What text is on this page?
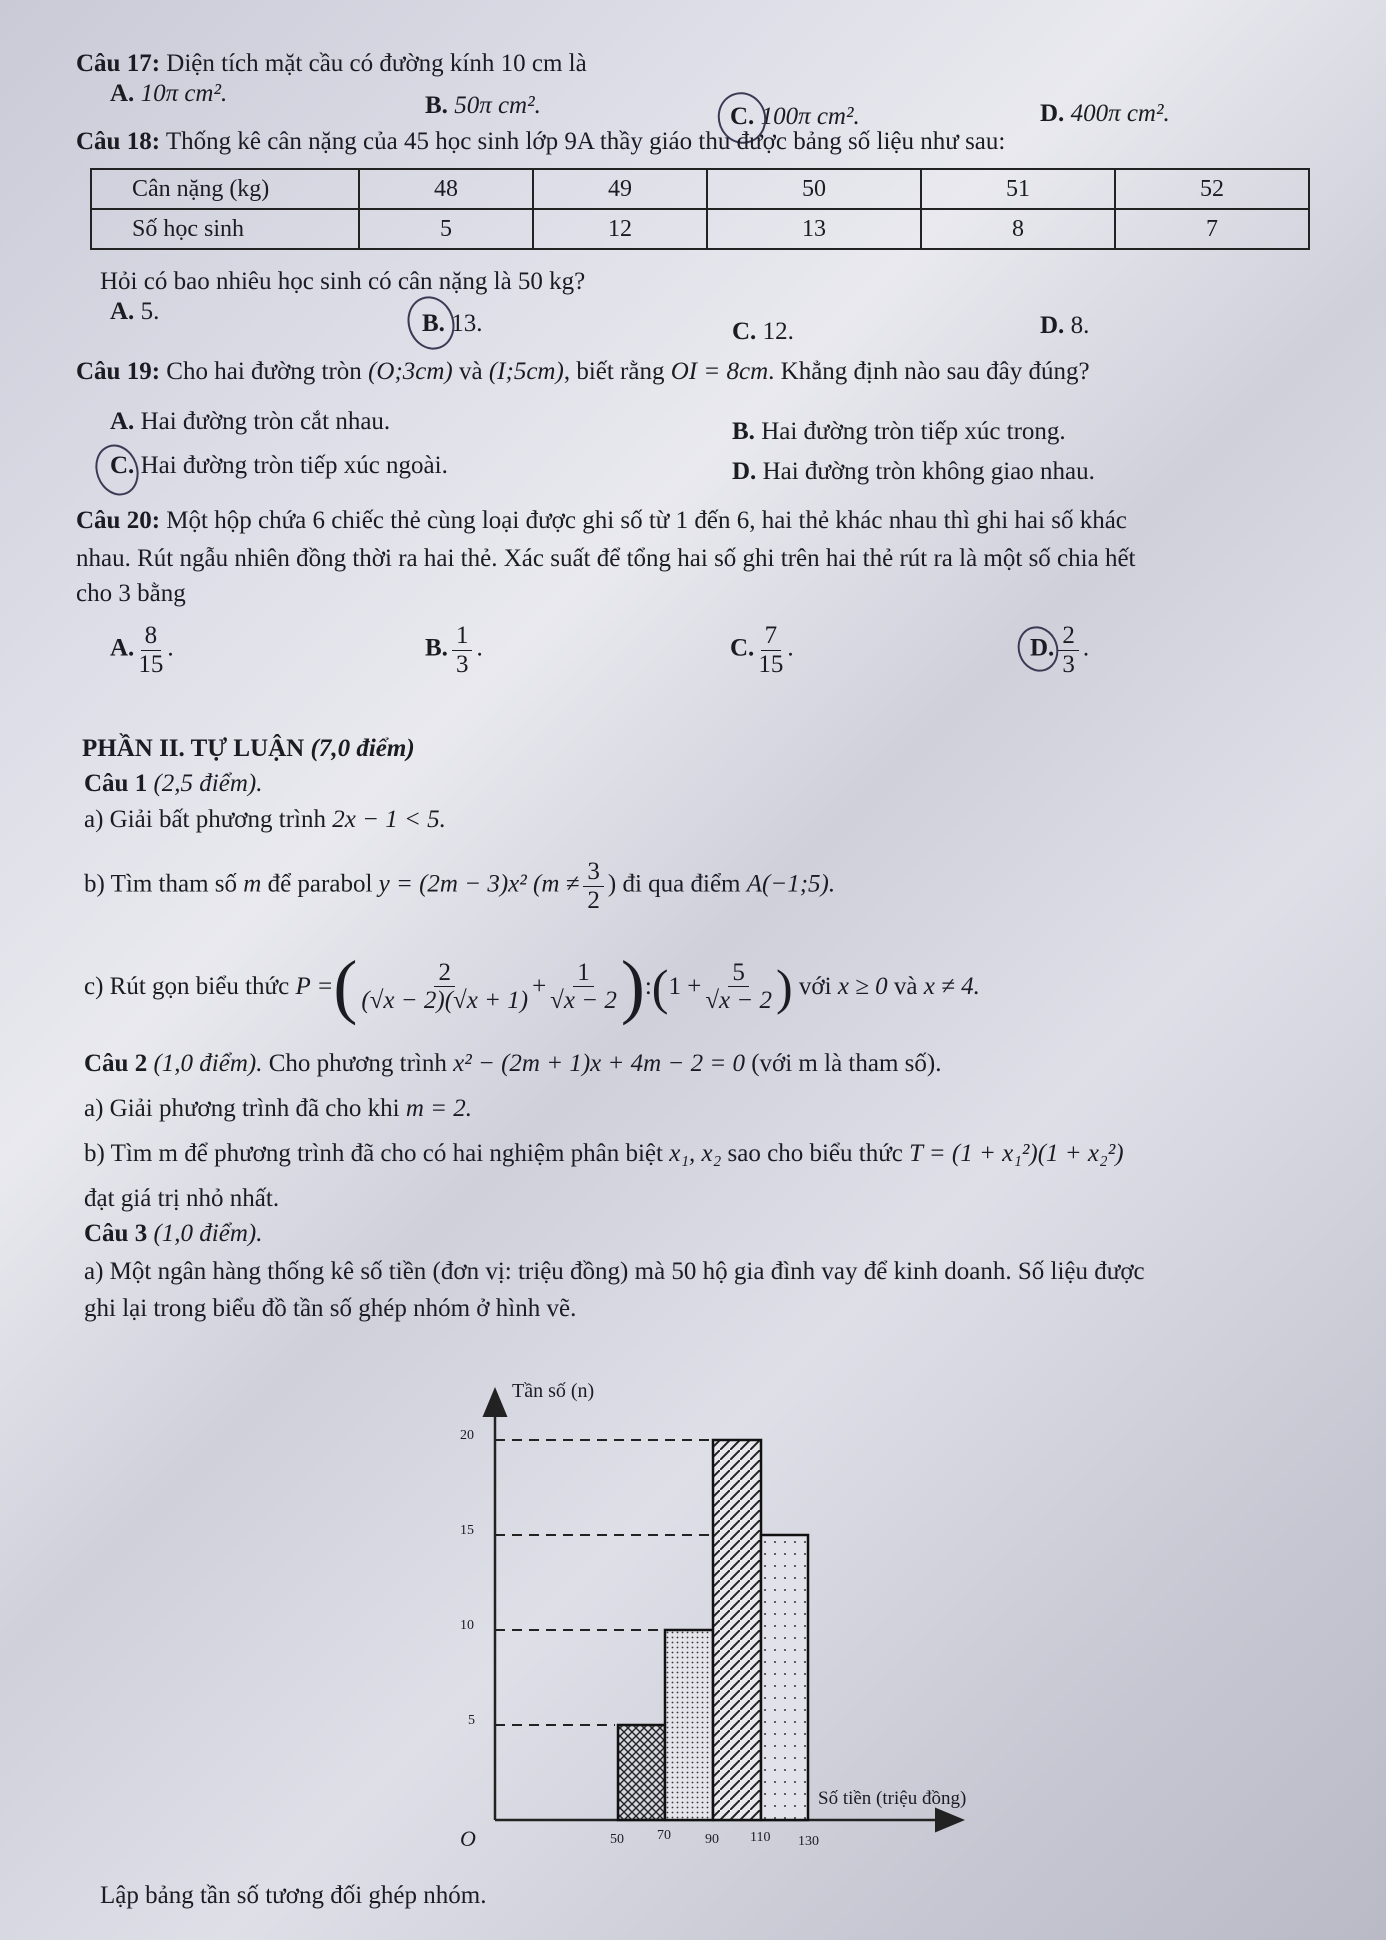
Câu 17: Diện tích mặt cầu có đường kính 10 cm là
A. 10π cm².	B. 50π cm².	C. 100π cm².	D. 400π cm².
Câu 18: Thống kê cân nặng của 45 học sinh lớp 9A thầy giáo thu được bảng số liệu như sau:
Cân nặng (kg)	48	49	50	51	52
Số học sinh	5	12	13	8	7
Hỏi có bao nhiêu học sinh có cân nặng là 50 kg?
A. 5.	B. 13.	C. 12.	D. 8.
Câu 19: Cho hai đường tròn (O;3cm) và (I;5cm), biết rằng OI = 8cm. Khẳng định nào sau đây đúng?
A. Hai đường tròn cắt nhau.	B. Hai đường tròn tiếp xúc trong.
C. Hai đường tròn tiếp xúc ngoài.	D. Hai đường tròn không giao nhau.
Câu 20: Một hộp chứa 6 chiếc thẻ cùng loại được ghi số từ 1 đến 6, hai thẻ khác nhau thì ghi hai số khác
nhau. Rút ngẫu nhiên đồng thời ra hai thẻ. Xác suất để tổng hai số ghi trên hai thẻ rút ra là một số chia hết
cho 3 bằng
A. $\frac{8}{15}$ .	B. $\frac{1}{3}$ .	C. $\frac{7}{15}$ .	D. $\frac{2}{3}$ .
PHẦN II. TỰ LUẬN (7,0 điểm)
Câu 1 (2,5 điểm).
a) Giải bất phương trình 2x − 1 < 5.
b) Tìm tham số m để parabol y = (2m − 3)x² ($m \ne \frac{3}{2}$ ) đi qua điểm A(−1;5).
c) Rút gọn biểu thức
P = ( $\frac{2}{(√x - 2)(√x + 1)} + \frac{1}{√x - 2}$ ) : ( $1 + \frac{5}{√x - 2}$ )
với
x ≥ 0
và
x ≠ 4.
Câu 2 (1,0 điểm). Cho phương trình x² − (2m + 1)x + 4m − 2 = 0 (với m là tham số).
a) Giải phương trình đã cho khi m = 2.
b) Tìm m để phương trình đã cho có hai nghiệm phân biệt x₁, x₂ sao cho biểu thức T = (1 + x₁²)(1 + x₂²)
đạt giá trị nhỏ nhất.
Câu 3 (1,0 điểm).
a) Một ngân hàng thống kê số tiền (đơn vị: triệu đồng) mà 50 hộ gia đình vay để kinh doanh. Số liệu được
ghi lại trong biểu đồ tần số ghép nhóm ở hình vẽ.
Tần số (n)
20
15
10
5
O	50 70 90 110 130
Số tiền (triệu đồng)
Lập bảng tần số tương đối ghép nhóm.
